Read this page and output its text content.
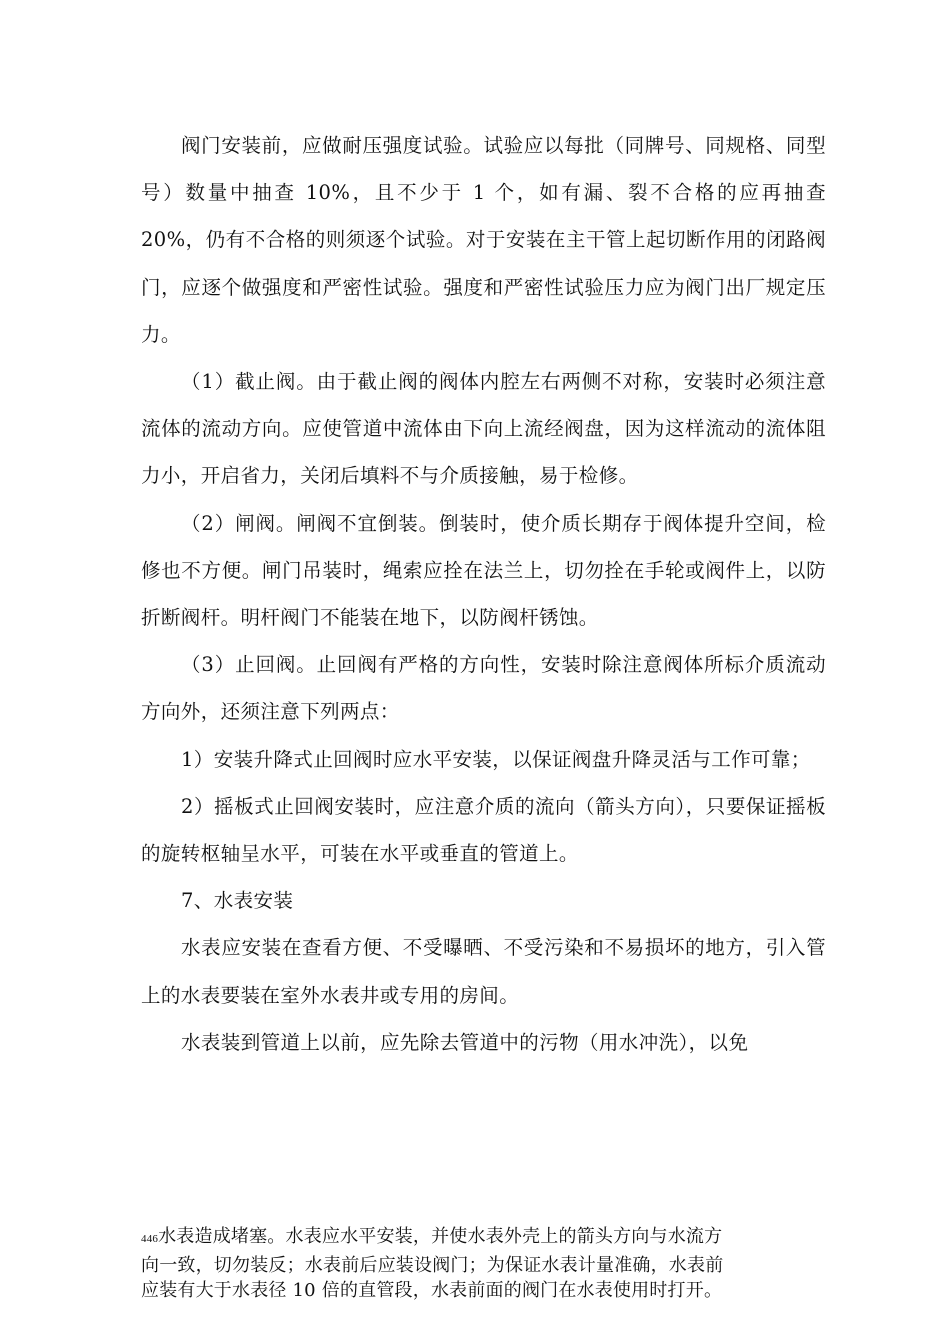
阀门安装前，应做耐压强度试验。试验应以每批（同牌号、同规格、同型号）数量中抽查 10%，且不少于 1 个，如有漏、裂不合格的应再抽查 20%，仍有不合格的则须逐个试验。对于安装在主干管上起切断作用的闭路阀门，应逐个做强度和严密性试验。强度和严密性试验压力应为阀门出厂规定压力。

（1）截止阀。由于截止阀的阀体内腔左右两侧不对称，安装时必须注意流体的流动方向。应使管道中流体由下向上流经阀盘，因为这样流动的流体阻力小，开启省力，关闭后填料不与介质接触，易于检修。

（2）闸阀。闸阀不宜倒装。倒装时，使介质长期存于阀体提升空间，检修也不方便。闸门吊装时，绳索应拴在法兰上，切勿拴在手轮或阀件上，以防折断阀杆。明杆阀门不能装在地下，以防阀杆锈蚀。

（3）止回阀。止回阀有严格的方向性，安装时除注意阀体所标介质流动方向外，还须注意下列两点：

1）安装升降式止回阀时应水平安装，以保证阀盘升降灵活与工作可靠；

2）摇板式止回阀安装时，应注意介质的流向（箭头方向），只要保证摇板的旋转枢轴呈水平，可装在水平或垂直的管道上。

7、水表安装

水表应安装在查看方便、不受曝晒、不受污染和不易损坏的地方，引入管上的水表要装在室外水表井或专用的房间。

水表装到管道上以前，应先除去管道中的污物（用水冲洗），以免

446水表造成堵塞。水表应水平安装，并使水表外壳上的箭头方向与水流方

向一致，切勿装反；水表前后应装设阀门；为保证水表计量准确，水表前

应装有大于水表径 10 倍的直管段，水表前面的阀门在水表使用时打开。
